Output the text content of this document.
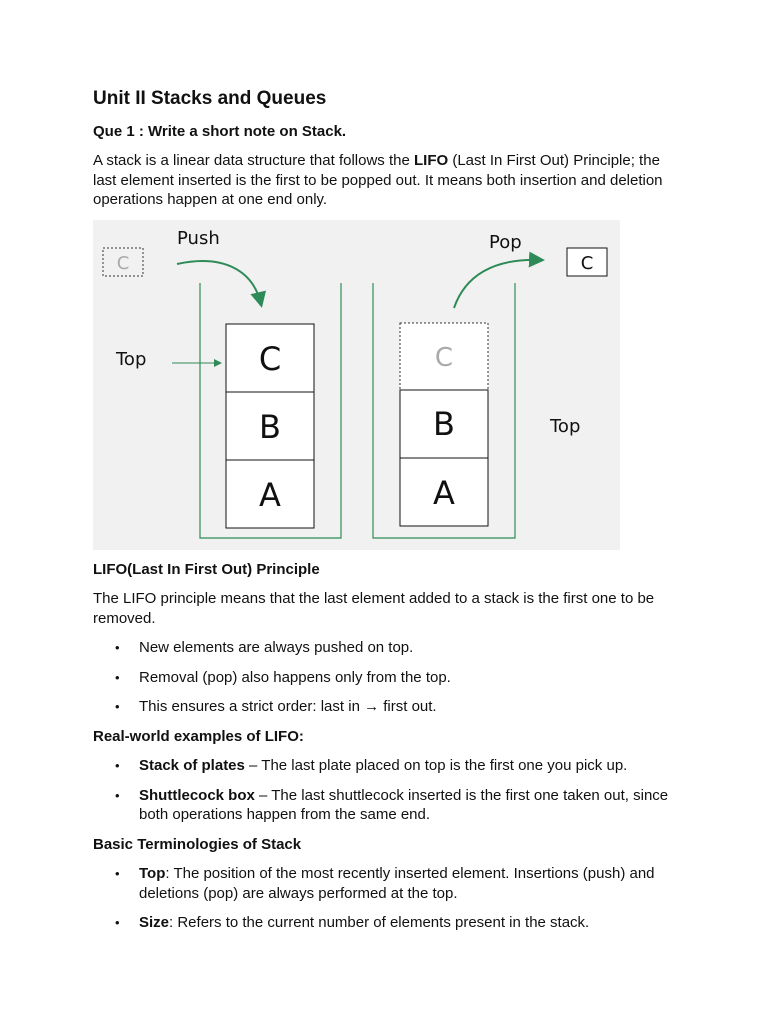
Unit II Stacks and Queues
Que 1 : Write a short note on Stack.

A stack is a linear data structure that follows the LIFO (Last In First Out) Principle; the last element inserted is the first to be popped out. It means both insertion and deletion operations happen at one end only.

C
Push
Top	C
B
A
Pop
C
C
B
A
Top
LIFO(Last In First Out) Principle

The LIFO principle means that the last element added to a stack is the first one to be removed.

• New elements are always pushed on top.
• Removal (pop) also happens only from the top.
• This ensures a strict order: last in → first out.
Real-world examples of LIFO:
• Stack of plates – The last plate placed on top is the first one you pick up.
• Shuttlecock box – The last shuttlecock inserted is the first one taken out, since both operations happen from the same end.
Basic Terminologies of Stack
• Top: The position of the most recently inserted element. Insertions (push) and deletions (pop) are always performed at the top.
• Size: Refers to the current number of elements present in the stack.
